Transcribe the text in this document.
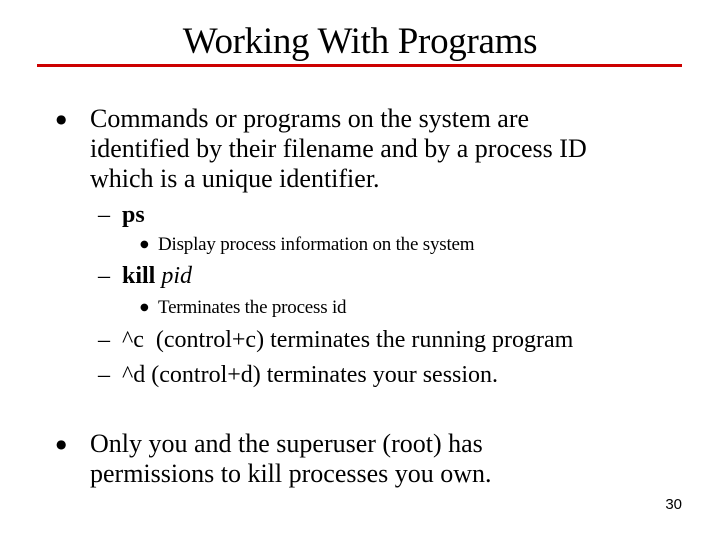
Working With Programs
● Commands or programs on the system are
identified by their filename and by a process ID
which is a unique identifier.
– ps
● Display process information on the system
– kill pid
● Terminates the process id
– ^c  (control+c) terminates the running program
– ^d (control+d) terminates your session.
● Only you and the superuser (root) has
permissions to kill processes you own.
30
